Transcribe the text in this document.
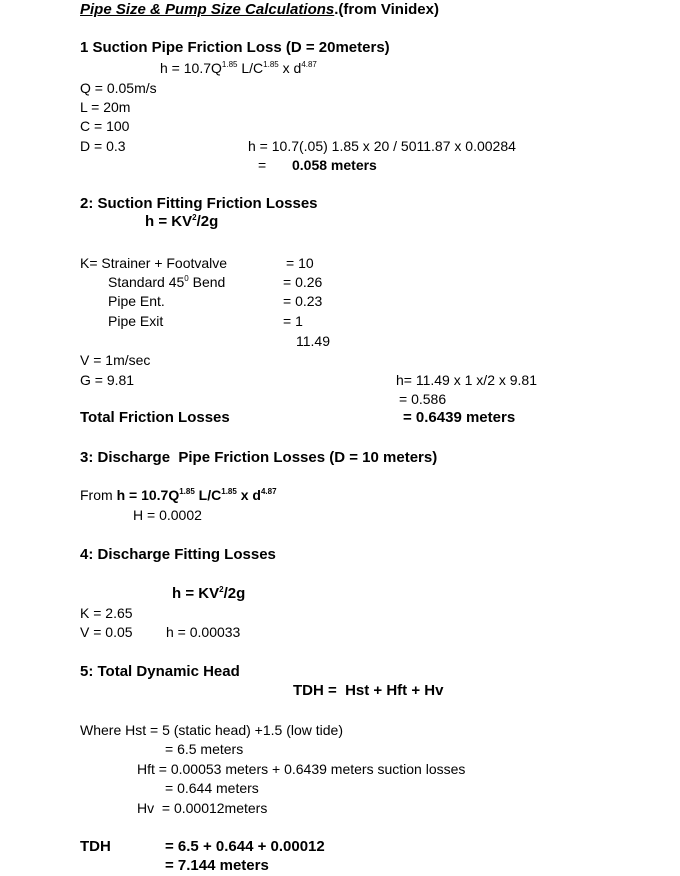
Pipe Size & Pump Size Calculations.(from Vinidex)
1 Suction Pipe Friction Loss (D = 20meters)
$h = 10.7Q^{1.85}$ $L/C^{1.85}$ x $d^{4.87}$
Q = 0.05m/s
L = 20m
C = 100
D = 0.3	h = 10.7(.05) 1.85 x 20 / 5011.87 x 0.00284
= 0.058 meters
2: Suction Fitting Friction Losses
$h = KV^2/2g$
K= Strainer + Footvalve	= 10
Standard $45^0$ Bend	= 0.26
Pipe Ent.	= 0.23
Pipe Exit	= 1
11.49
V = 1m/sec
G = 9.81	h= 11.49 x 1 x/2 x 9.81
= 0.586
Total Friction Losses	= 0.6439 meters
3: Discharge  Pipe Friction Losses (D = 10 meters)
From $h = 10.7Q^{1.85}$ $L/C^{1.85}$ x $d^{4.87}$
H = 0.0002
4: Discharge Fitting Losses
$h = KV^2/2g$
K = 2.65
V = 0.05 h = 0.00033
5: Total Dynamic Head
TDH =  Hst + Hft + Hv
Where Hst = 5 (static head) +1.5 (low tide)
= 6.5 meters
Hft = 0.00053 meters + 0.6439 meters suction losses
= 0.644 meters
Hv  = 0.00012meters
TDH	= 6.5 + 0.644 + 0.00012
= 7.144 meters
